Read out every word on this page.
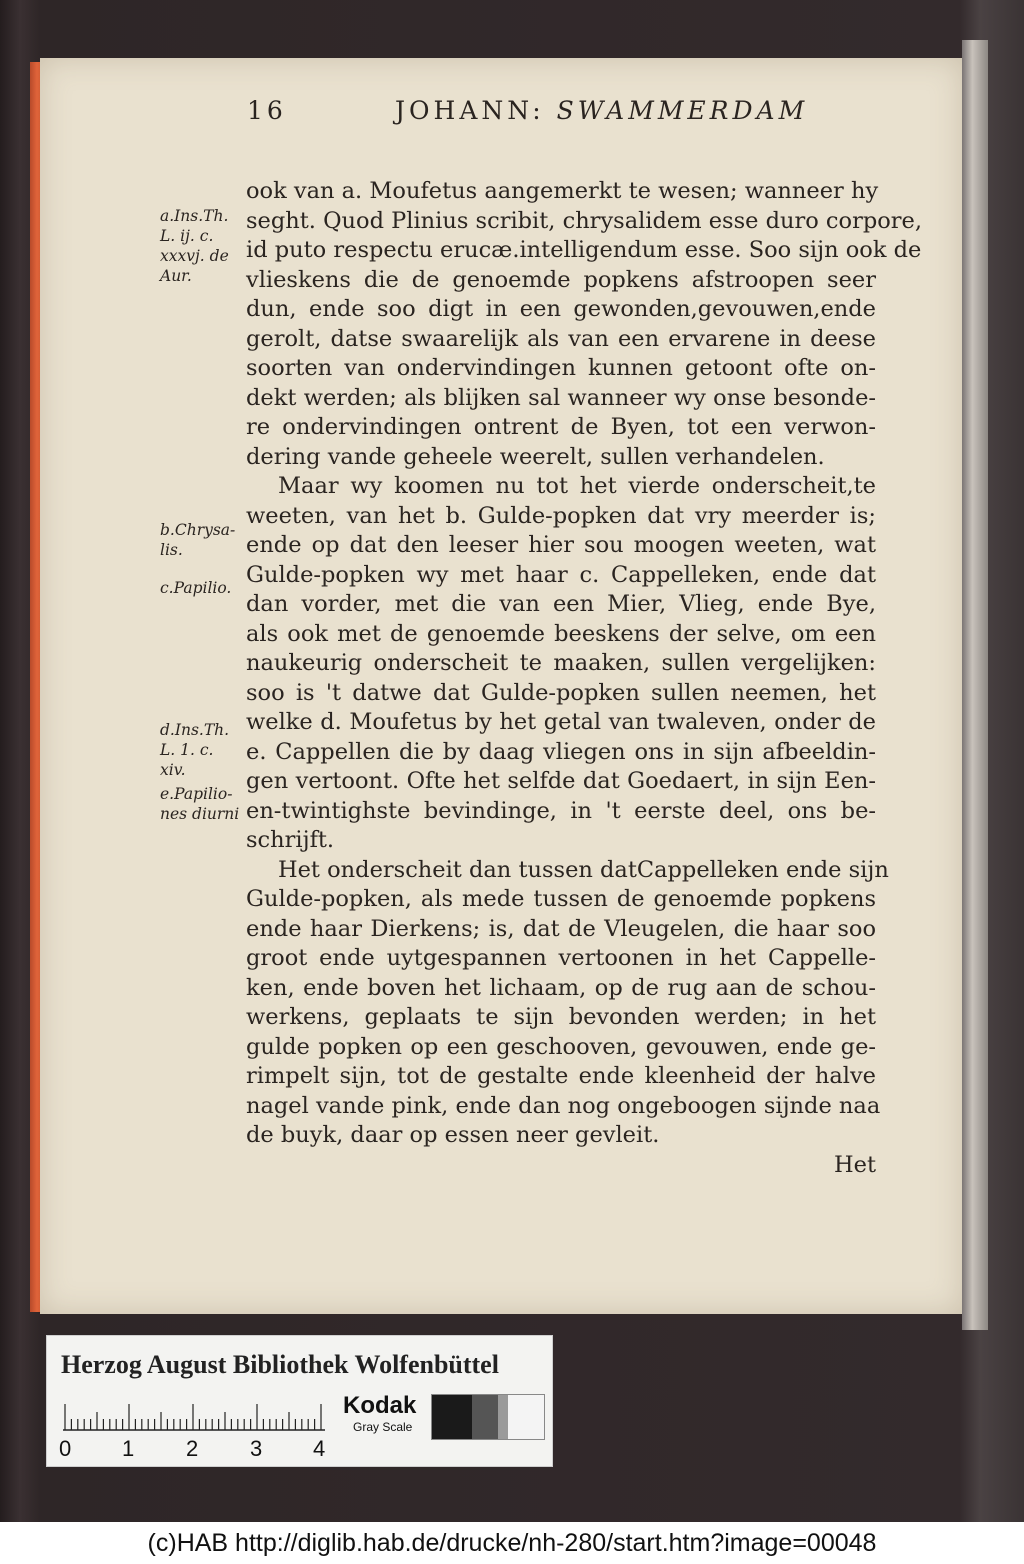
16	JOHANN: SWAMMERDAM
ook van a. Moufetus aangemerkt te wesen; wanneer hy
seght. Quod Plinius scribit, chrysalidem esse duro corpore,
id puto respectu erucæ.intelligendum esse. Soo sijn ook de
vlieskens die de genoemde popkens afstroopen seer
dun, ende soo digt in een gewonden,gevouwen,ende
gerolt, datse swaarelijk als van een ervarene in deese
soorten van ondervindingen kunnen getoont ofte on-
dekt werden; als blijken sal wanneer wy onse besonde-
re ondervindingen ontrent de Byen, tot een verwon-
dering vande geheele weerelt, sullen verhandelen.
Maar wy koomen nu tot het vierde onderscheit,te
weeten, van het b. Gulde-popken dat vry meerder is;
ende op dat den leeser hier sou moogen weeten, wat
Gulde-popken wy met haar c. Cappelleken, ende dat
dan vorder, met die van een Mier, Vlieg, ende Bye,
als ook met de genoemde beeskens der selve, om een
naukeurig onderscheit te maaken, sullen vergelijken:
soo is 't datwe dat Gulde-popken sullen neemen, het
welke d. Moufetus by het getal van twaleven, onder de
e. Cappellen die by daag vliegen ons in sijn afbeeldin-
gen vertoont. Ofte het selfde dat Goedaert, in sijn Een-
en-twintighste bevindinge, in 't eerste deel, ons be-
schrijft.
Het onderscheit dan tussen datCappelleken ende sijn
Gulde-popken, als mede tussen de genoemde popkens
ende haar Dierkens; is, dat de Vleugelen, die haar soo
groot ende uytgespannen vertoonen in het Cappelle-
ken, ende boven het lichaam, op de rug aan de schou-
werkens, geplaats te sijn bevonden werden; in het
gulde popken op een geschooven, gevouwen, ende ge-
rimpelt sijn, tot de gestalte ende kleenheid der halve
nagel vande pink, ende dan nog ongeboogen sijnde naa
de buyk, daar op essen neer gevleit.
Het
a.Ins.Th.
L. ij. c.
xxxvj. de
Aur.
b.Chrysa-
lis.
c.Papilio.
d.Ins.Th.
L. 1. c.
xiv.
e.Papilio-
nes diurni
Herzog August Bibliothek Wolfenbüttel
0 1 2 3 4
Kodak
Gray Scale
(c)HAB http://diglib.hab.de/drucke/nh-280/start.htm?image=00048
